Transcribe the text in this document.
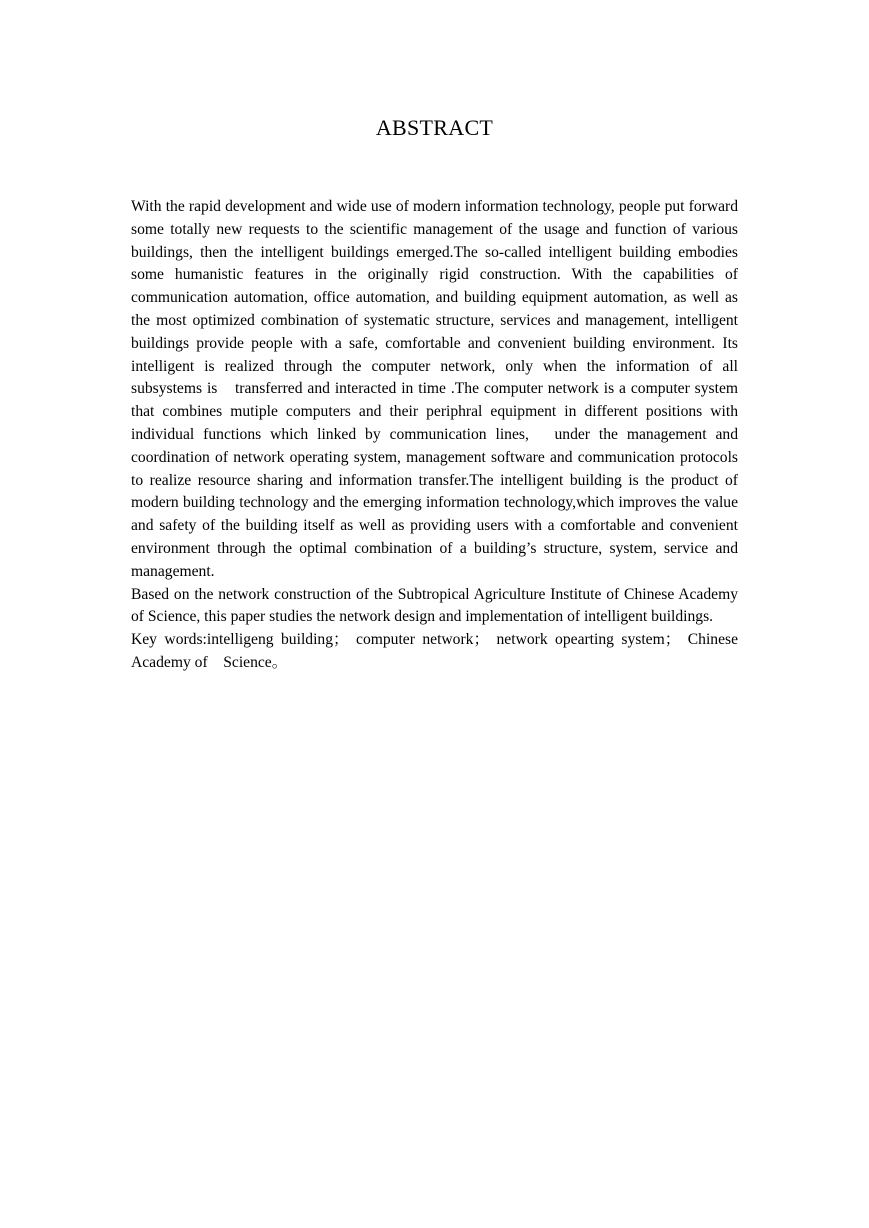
ABSTRACT

With the rapid development and wide use of modern information technology, people put forward some totally new requests to the scientific management of the usage and function of various buildings, then the intelligent buildings emerged.The so-called intelligent building embodies some humanistic features in the originally rigid construction. With the capabilities of communication automation, office automation, and building equipment automation, as well as the most optimized combination of systematic structure, services and management, intelligent buildings provide people with a safe, comfortable and convenient building environment. Its intelligent is realized through the computer network, only when the information of all subsystems is　transferred and interacted in time .The computer network is a computer system that combines mutiple computers and their periphral equipment in different positions with individual functions which linked by communication lines,　under the management and coordination of network operating system, management software and communication protocols to realize resource sharing and information transfer.The intelligent building is the product of modern building technology and the emerging information technology,which improves the value and safety of the building itself as well as providing users with a comfortable and convenient environment through the optimal combination of a building’s structure, system, service and management.

Based on the network construction of the Subtropical Agriculture Institute of Chinese Academy of Science, this paper studies the network design and implementation of intelligent buildings.

Key words:intelligeng building； computer network； network opearting system； Chinese Academy of　Science。
